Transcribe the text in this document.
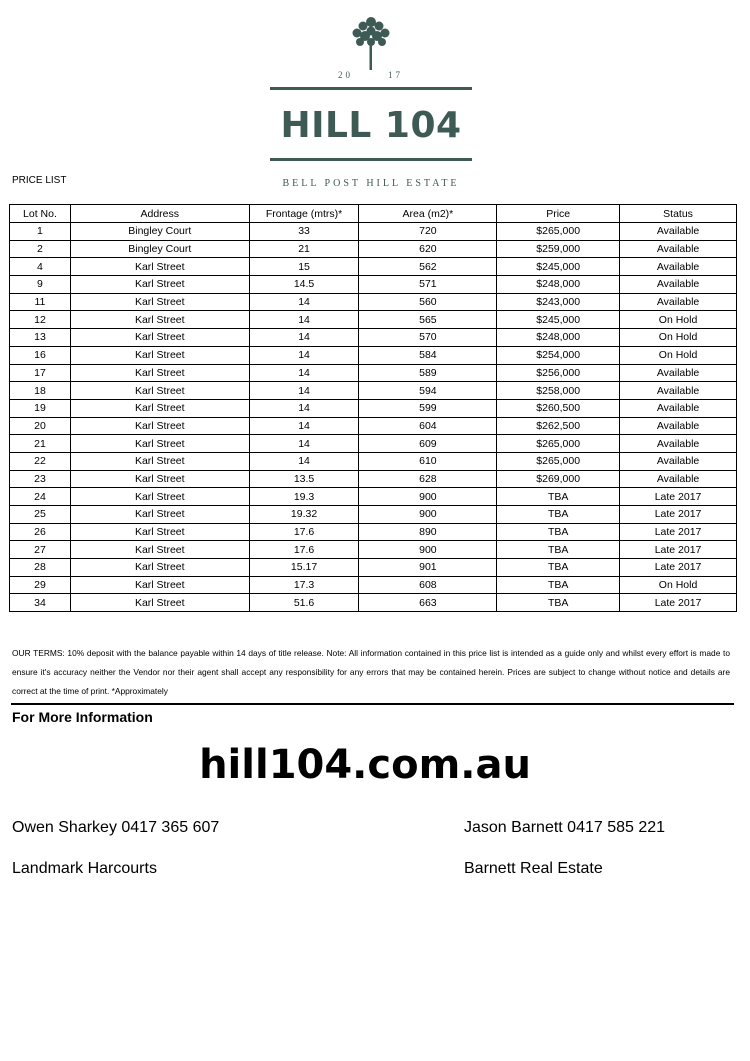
20	17
HILL 104
BELL POST HILL ESTATE
PRICE LIST
Lot No.	Address	Frontage (mtrs)*	Area (m2)*	Price	Status
1	Bingley Court	33	720	$265,000	Available
2	Bingley Court	21	620	$259,000	Available
4	Karl Street	15	562	$245,000	Available
9	Karl Street	14.5	571	$248,000	Available
11	Karl Street	14	560	$243,000	Available
12	Karl Street	14	565	$245,000	On Hold
13	Karl Street	14	570	$248,000	On Hold
16	Karl Street	14	584	$254,000	On Hold
17	Karl Street	14	589	$256,000	Available
18	Karl Street	14	594	$258,000	Available
19	Karl Street	14	599	$260,500	Available
20	Karl Street	14	604	$262,500	Available
21	Karl Street	14	609	$265,000	Available
22	Karl Street	14	610	$265,000	Available
23	Karl Street	13.5	628	$269,000	Available
24	Karl Street	19.3	900	TBA	Late 2017
25	Karl Street	19.32	900	TBA	Late 2017
26	Karl Street	17.6	890	TBA	Late 2017
27	Karl Street	17.6	900	TBA	Late 2017
28	Karl Street	15.17	901	TBA	Late 2017
29	Karl Street	17.3	608	TBA	On Hold
34	Karl Street	51.6	663	TBA	Late 2017
OUR TERMS: 10% deposit with the balance payable within 14 days of title release. Note: All information contained in this price list is intended as a guide only and whilst every effort is made to ensure it's accuracy neither the Vendor nor their agent shall accept any responsibility for any errors that may be contained herein. Prices are subject to change without notice and details are correct at the time of print. *Approximately
For More Information
hill104.com.au
Owen Sharkey 0417 365 607
Landmark Harcourts
Jason Barnett 0417 585 221
Barnett Real Estate
